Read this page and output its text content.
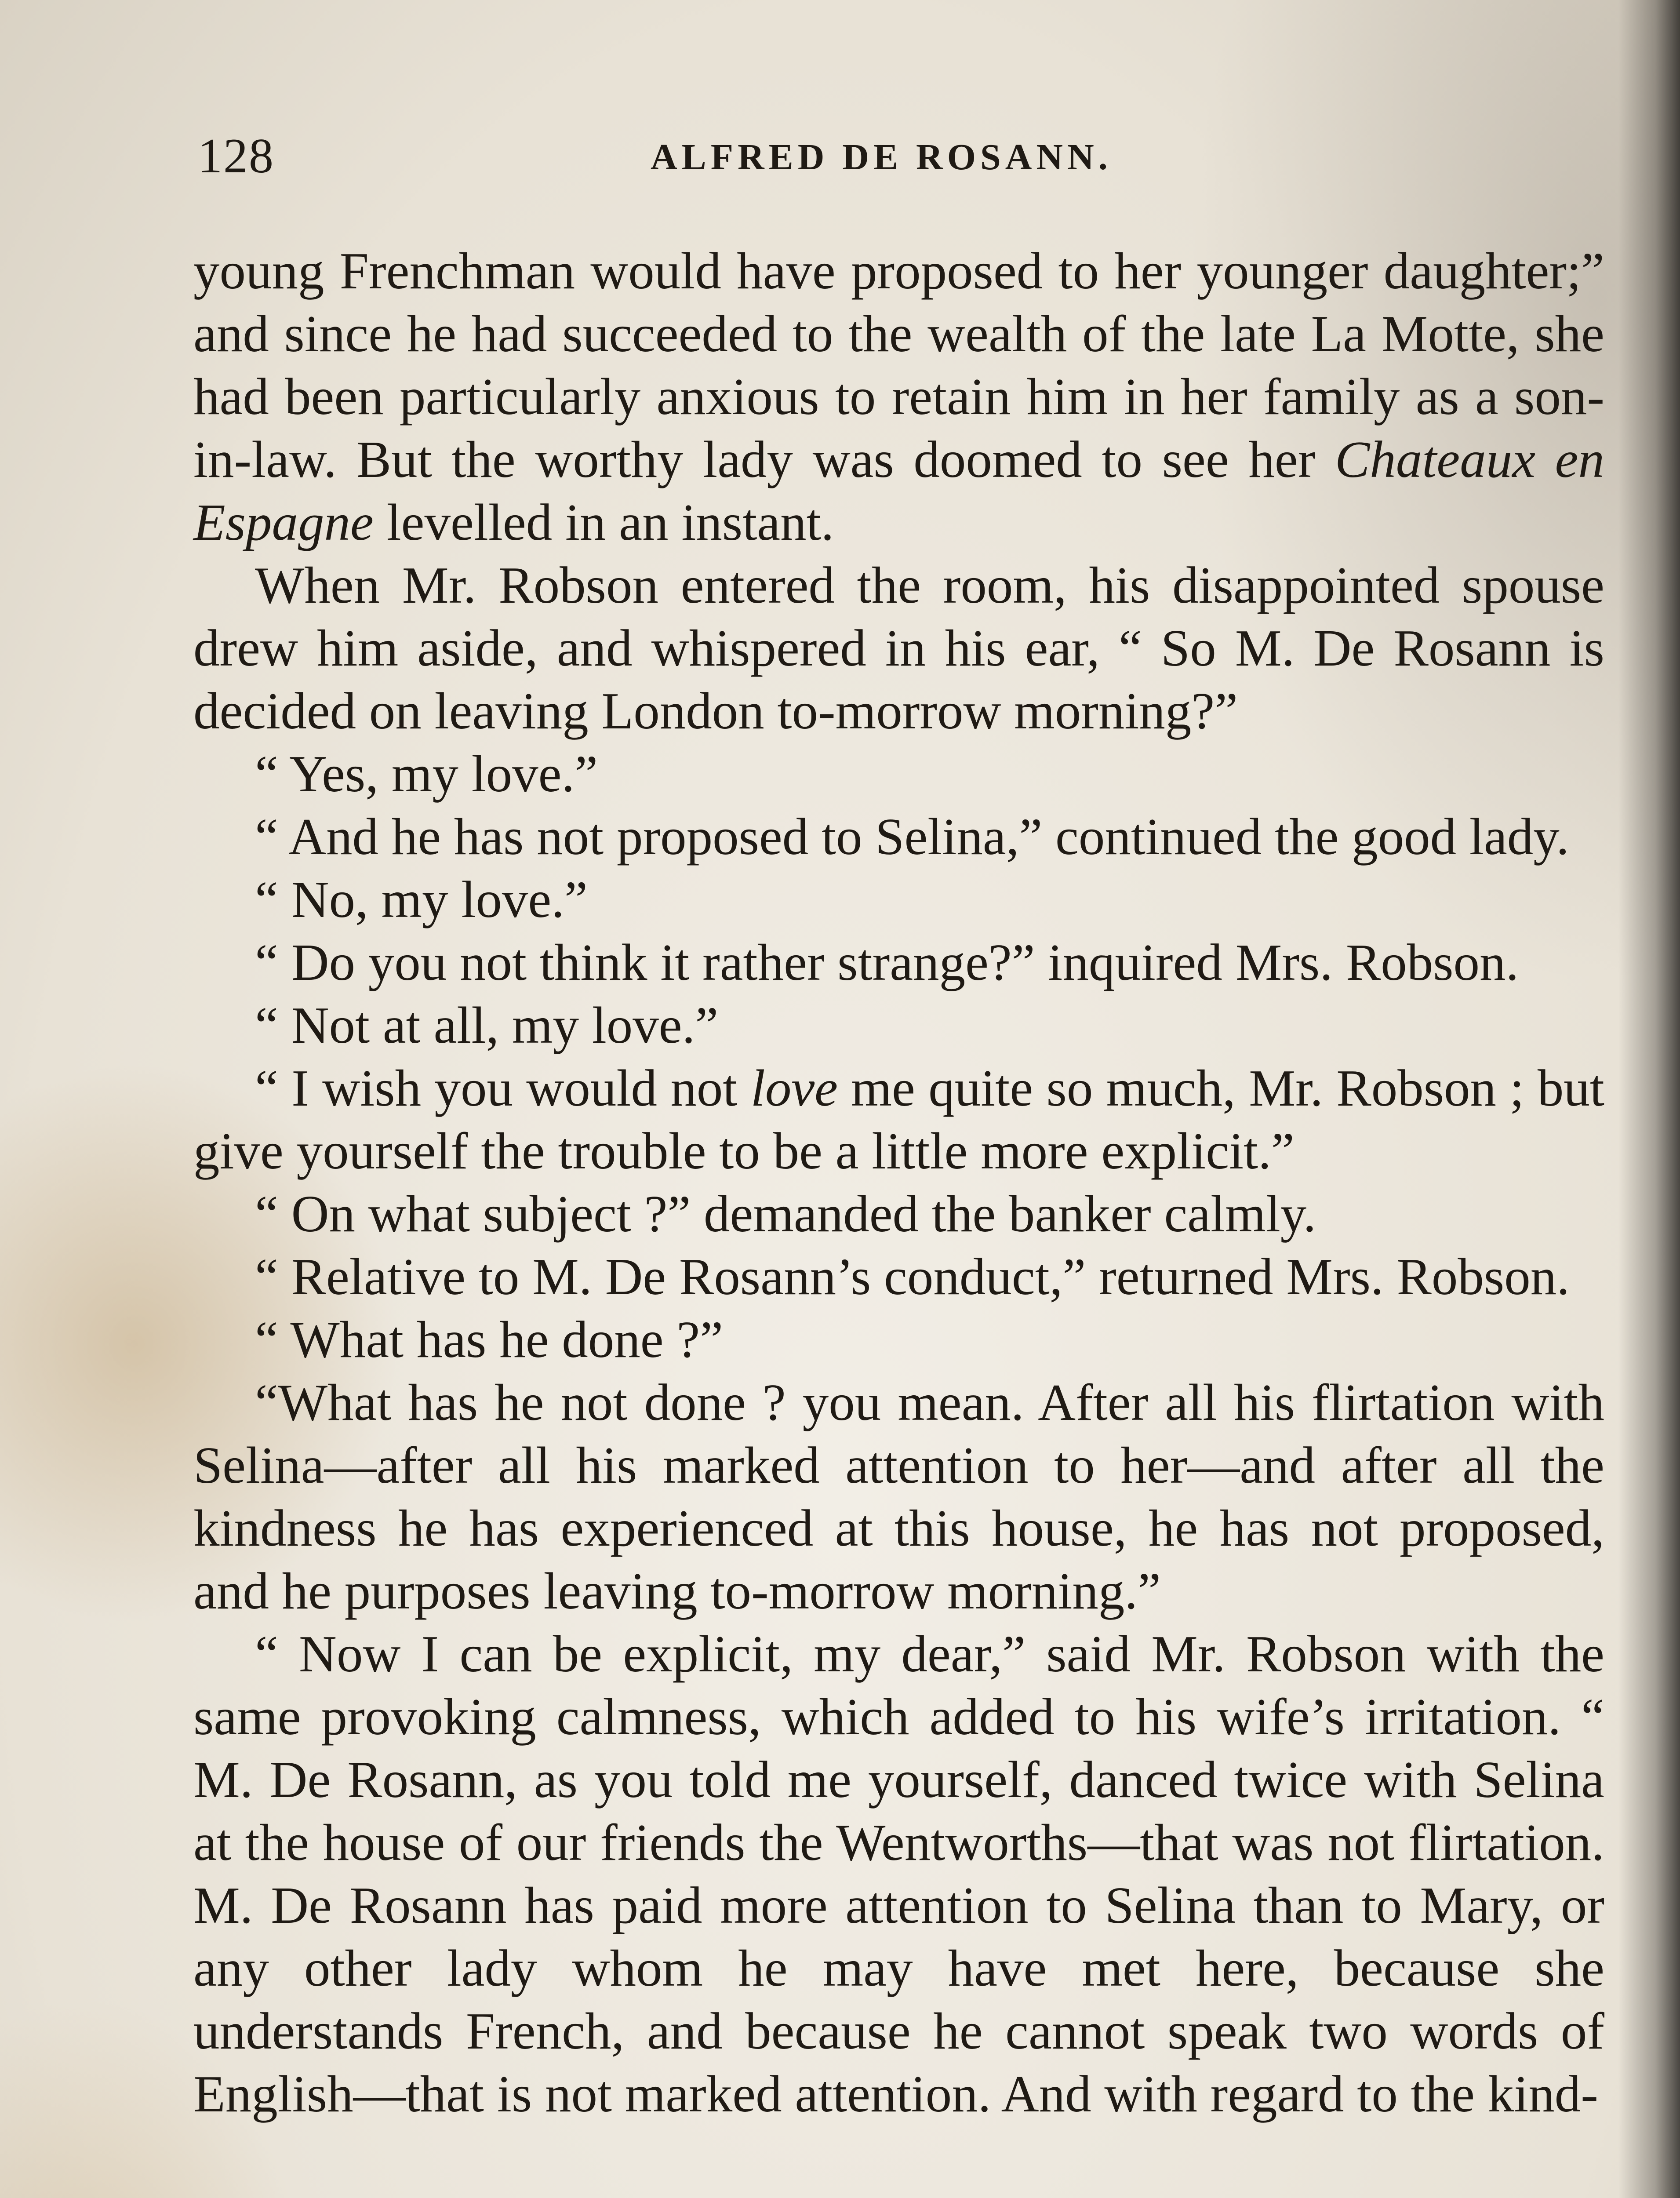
128	ALFRED DE ROSANN.

young Frenchman would have proposed to her younger daughter;” and since he had succeeded to the wealth of the late La Motte, she had been particularly anxious to retain him in her family as a son-in-law. But the worthy lady was doomed to see her Chateaux en Espagne levelled in an instant.

When Mr. Robson entered the room, his disappointed spouse drew him aside, and whispered in his ear, “ So M. De Rosann is decided on leaving London to-morrow morning?”

“ Yes, my love.”

“ And he has not proposed to Selina,” continued the good lady.

“ No, my love.”

“ Do you not think it rather strange?” inquired Mrs. Robson.

“ Not at all, my love.”

“ I wish you would not love me quite so much, Mr. Robson ; but give yourself the trouble to be a little more explicit.”

“ On what subject ?” demanded the banker calmly.

“ Relative to M. De Rosann’s conduct,” returned Mrs. Robson.

“ What has he done ?”

“What has he not done ? you mean. After all his flirtation with Selina—after all his marked attention to her—and after all the kindness he has experienced at this house, he has not proposed, and he purposes leaving to-morrow morning.”

“ Now I can be explicit, my dear,” said Mr. Robson with the same provoking calmness, which added to his wife’s irritation. “ M. De Rosann, as you told me yourself, danced twice with Selina at the house of our friends the Wentworths—that was not flirtation. M. De Rosann has paid more attention to Selina than to Mary, or any other lady whom he may have met here, because she understands French, and because he cannot speak two words of English—that is not marked attention. And with regard to the kind-
